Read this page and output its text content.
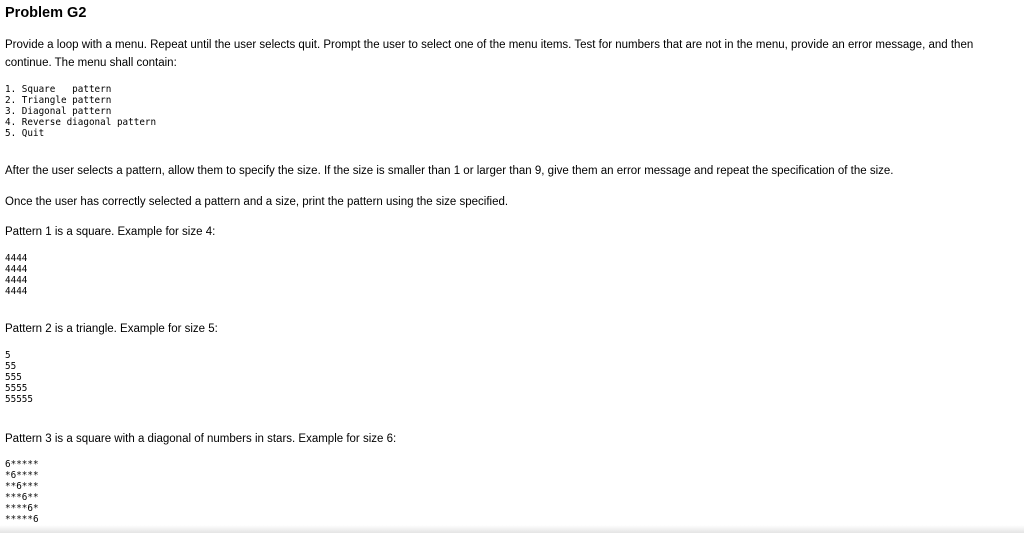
Problem G2

Provide a loop with a menu. Repeat until the user selects quit. Prompt the user to select one of the menu items. Test for numbers that are not in the menu, provide an error message, and then continue. The menu shall contain:

1. Square   pattern
2. Triangle pattern
3. Diagonal pattern
4. Reverse diagonal pattern
5. Quit

After the user selects a pattern, allow them to specify the size. If the size is smaller than 1 or larger than 9, give them an error message and repeat the specification of the size.

Once the user has correctly selected a pattern and a size, print the pattern using the size specified.

Pattern 1 is a square. Example for size 4:

4444
4444
4444
4444

Pattern 2 is a triangle. Example for size 5:

5
55
555
5555
55555

Pattern 3 is a square with a diagonal of numbers in stars. Example for size 6:

6*****
*6****
**6***
***6**
****6*
*****6
